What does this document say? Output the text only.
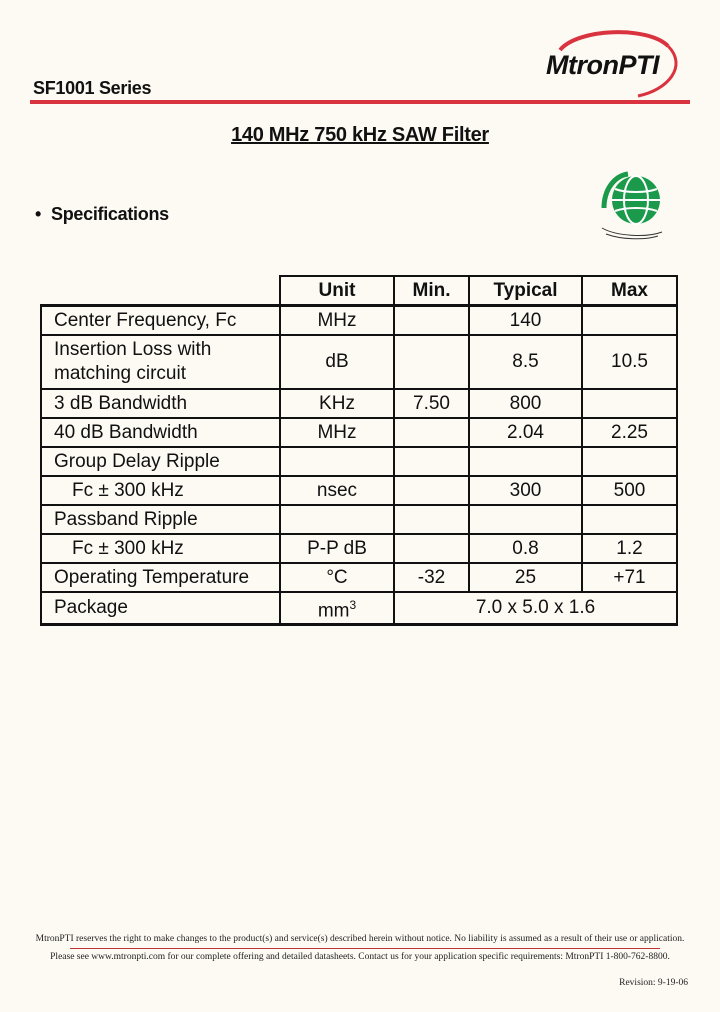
SF1001 Series
MtronPTI
140 MHz 750 kHz SAW Filter
• Specifications
	Unit	Min.	Typical	Max
Center Frequency, Fc	MHz		140	

Insertion Loss with
matching circuit	dB		8.5	10.5
3 dB Bandwidth	KHz	7.50	800	
40 dB Bandwidth	MHz		2.04	2.25
Group Delay Ripple				
Fc ± 300 kHz	nsec		300	500
Passband Ripple				
Fc ± 300 kHz	P-P dB		0.8	1.2
Operating Temperature	°C	-32	25	+71
Package	$mm^3$	7.0 x 5.0 x 1.6		
MtronPTI reserves the right to make changes to the product(s) and service(s) described herein without notice. No liability is assumed as a result of their use or application.
Please see www.mtronpti.com for our complete offering and detailed datasheets. Contact us for your application specific requirements: MtronPTI 1-800-762-8800.
Revision: 9-19-06
